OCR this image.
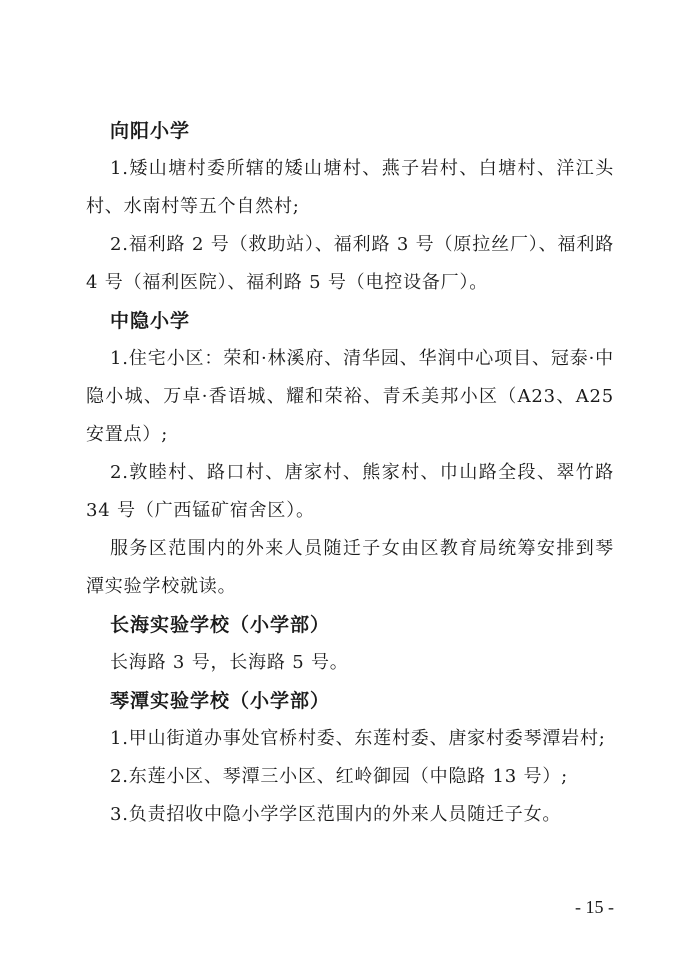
向阳小学

1.矮山塘村委所辖的矮山塘村、燕子岩村、白塘村、洋江头村、水南村等五个自然村;

2.福利路 2 号（救助站）、福利路 3 号（原拉丝厂）、福利路 4 号（福利医院）、福利路 5 号（电控设备厂）。

中隐小学

1.住宅小区：荣和·林溪府、清华园、华润中心项目、冠泰·中隐小城、万卓·香语城、耀和荣裕、青禾美邦小区（A23、A25 安置点）;

2.敦睦村、路口村、唐家村、熊家村、巾山路全段、翠竹路 34 号（广西锰矿宿舍区）。

服务区范围内的外来人员随迁子女由区教育局统筹安排到琴潭实验学校就读。

长海实验学校（小学部）

长海路 3 号，长海路 5 号。

琴潭实验学校（小学部）

1.甲山街道办事处官桥村委、东莲村委、唐家村委琴潭岩村;

2.东莲小区、琴潭三小区、红岭御园（中隐路 13 号）;

3.负责招收中隐小学学区范围内的外来人员随迁子女。

- 15 -
